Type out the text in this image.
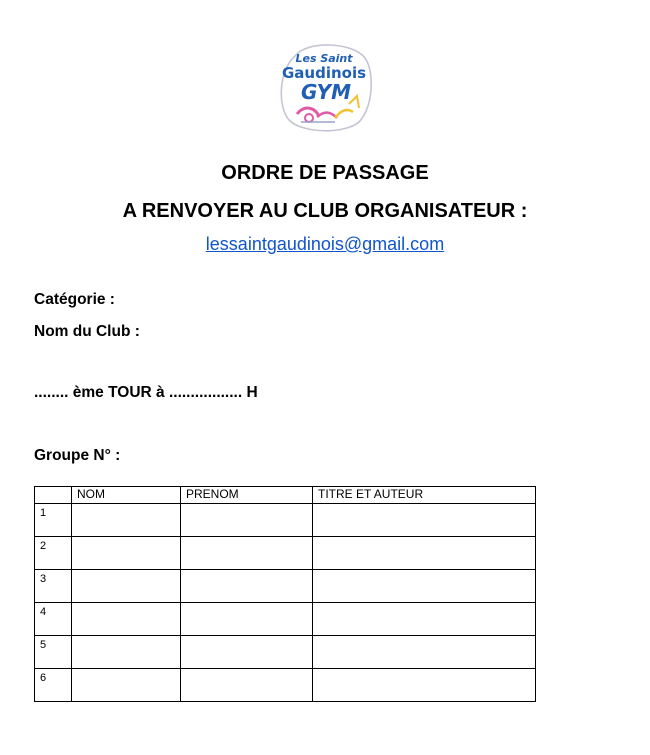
Les Saint
Gaudinois
GYM
ORDRE DE PASSAGE
A RENVOYER AU CLUB ORGANISATEUR :
lessaintgaudinois@gmail.com
Catégorie :
Nom du Club :
........ ème TOUR à ................. H
Groupe N° :
	NOM	PRENOM	TITRE ET AUTEUR
1			
2			
3			
4			
5			
6			
